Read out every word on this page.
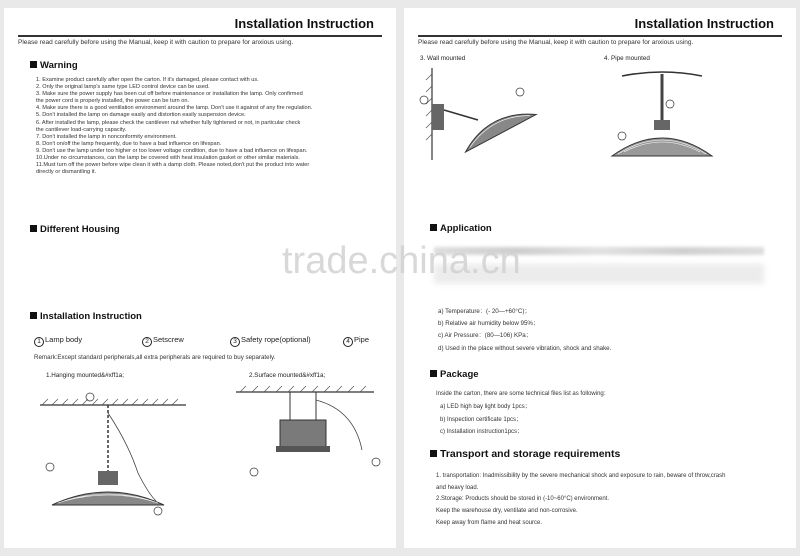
Installation Instruction
Please read carefully before using the Manual, keep it with caution to prepare for anxious using.
Warning
1. Examine product carefully after open the carton. If it's damaged, please contact with us.
2. Only the original lamp's same type LED control device can be used.
3. Make sure the power supply has been cut off before maintenance or installation the lamp. Only confirmed
the power cord is properly installed, the power can be turn on.
4. Make sure there is a good ventilation environment around the lamp. Don't use it against of any fire regulation.
5. Don't installed the lamp on damage easily and distortion easily suspension device.
6. After installed the lamp, please check the cantilever nut whether fully tightened or not, in particular check
the cantilever load-carrying capacity.
7. Don't installed the lamp in nonconformity environment.
8. Don't on/off the lamp frequently, due to have a bad influence on lifespan.
9. Don't use the lamp under too higher or too lower voltage condition, due to have a bad influence on lifespan.
10.Under no circumstances, can the lamp be covered with heat insulation gasket or other similar materials.
11.Must turn off the power before wipe clean it with a damp cloth. Please noted,don't put the product into water
directly or dismantling it.
Different Housing
Installation Instruction
1 Lamp body	2 Setscrew	3 Safety rope(optional)	4 Pipe
Remark:Except standard peripherals,all extra peripherals are required to buy separately.
1.Hanging mounted&#xff1a;	2.Surface mounted&#xff1a;
Installation Instruction
Please read carefully before using the Manual, keep it with caution to prepare for anxious using.
3. Wall mounted	4. Pipe mounted
Application
a) Temperature：(- 20—+60°C)；
b) Relative air humidity below 95%；
c) Air Pressure：(80—106) KPa；
d) Used in the place without severe vibration, shock and shake.
Package
Inside the carton, there are some technical files list as following:
a) LED high bay light body 1pcs；
b) Inspection certificate 1pcs；
c) Installation instruction1pcs；
Transport and storage requirements

1. transportation: Inadmissibility by the severe mechanical shock and exposure to rain, beware of throw,crash

and heavy load.

2.Storage: Products should be stored in (-10~60°C) environment.

Keep the warehouse dry, ventilate and non-corrosive.

Keep away from flame and heat source.

trade.china.cn
